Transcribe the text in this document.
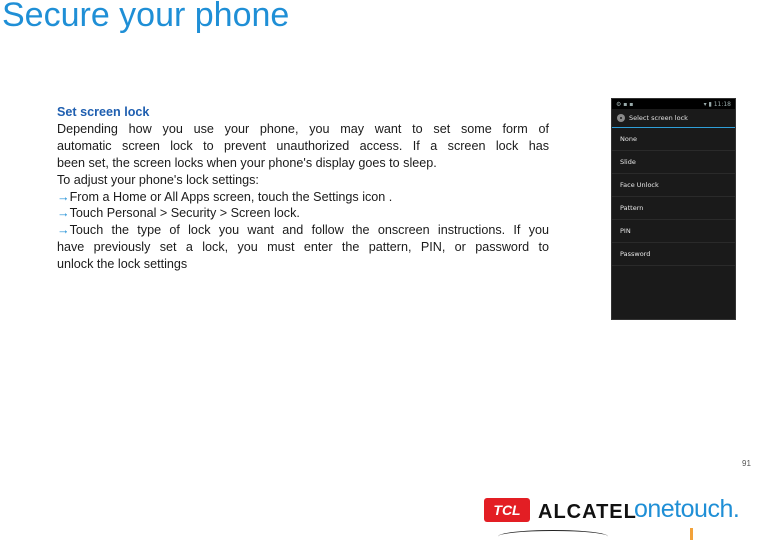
Secure your phone
Set screen lock
Depending how you use your phone, you may want to set some form of
automatic screen lock to prevent unauthorized access. If a screen lock has
been set, the screen locks when your phone's display goes to sleep.
To adjust your phone's lock settings:
→From a Home or All Apps screen, touch the Settings icon .
→Touch Personal > Security > Screen lock.
→Touch the type of lock you want and follow the onscreen instructions. If you
have previously set a lock, you must enter the pattern, PIN, or password to
unlock the lock settings
⚙ ▪ ▪	▾ ▮ 11:18
Select screen lock
None
Slide
Face Unlock
Pattern
PIN
Password
91
TCL ALCATEL
onetouch.
